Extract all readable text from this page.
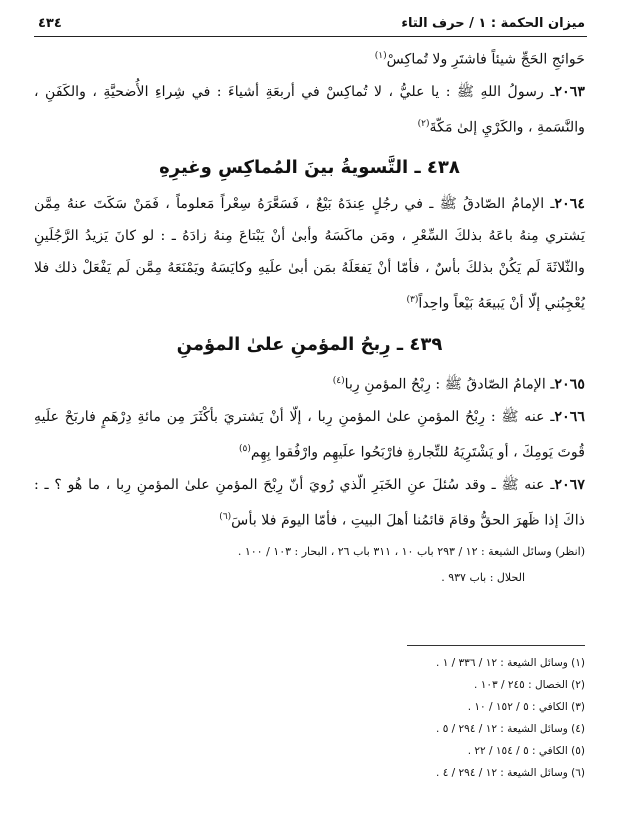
ميزان الحكمة : ١ / حرف التاء
٤٣٤

حَوائجِ الحَجِّ شيئاً فاشتَرِ ولا تُماكِسْ$^{(١)}$

٢٠٦٣ـ رسولُ اللهِ ﷺ : يا عليُّ ، لا تُماكِسْ في أربعَةِ أشياءَ : في شِراءِ الأُضحيَّةِ ، والكَفَنِ ، والنَّسَمةِ ، والكَرْيِ إلىٰ مَكّةَ$^{(٢)}$

٤٣٨ ـ التَّسويةُ بينَ المُماكِسِ وغيرِهِ

٢٠٦٤ـ الإمامُ الصّادقُ ﷺ ـ في رجُلٍ عِندَهُ بَيْعٌ ، فَسَعَّرَهُ سِعْراً مَعلوماً ، فَمَنْ سَكَتَ عنهُ مِمَّن يَشتري مِنهُ باعَهُ بذلكَ السِّعْرِ ، ومَن ماكَسَهُ وأبىٰ أنْ يَبْتاعَ مِنهُ زادَهُ ـ : لو كانَ يَزيدُ الرَّجُلَينِ والثّلاثَةَ لَم يَكُنْ بذلكَ بأسٌ ، فأمّا أنْ يَفعَلَهُ بمَن أبىٰ علَيهِ وكايَسَهُ ويَمْنَعَهُ مِمَّن لَم يَفْعَلْ ذلك فلا يُعْجِبُني إلّا أنْ يَبيعَهُ بَيْعاً واحِداً$^{(٣)}$

٤٣٩ ـ رِبحُ المؤمنِ علىٰ المؤمنِ

٢٠٦٥ـ الإمامُ الصّادقُ ﷺ : رِبْحُ المؤمنِ رِبا$^{(٤)}$

٢٠٦٦ـ عنه ﷺ : رِبْحُ المؤمنِ علىٰ المؤمنِ رِبا ، إلّا أنْ يَشتريَ بأكْثَرَ مِن مائةِ دِرْهَمٍ فاربَحْ علَيهِ قُوتَ يَومِكَ ، أو يَشْتَرِيَهُ للتِّجارةِ فارْبَحُوا علَيهِم وارْفُقوا بِهِم$^{(٥)}$

٢٠٦٧ـ عنه ﷺ ـ وقد سُئلَ عنِ الخَبَرِ الّذي رُويَ أنّ رِبْحَ المؤمنِ علىٰ المؤمنِ رِبا ، ما هُو ؟ ـ : ذاكَ إذا ظَهرَ الحقُّ وقامَ قائمُنا أهلَ البيتِ ، فأمّا اليومَ فلا بأسَ$^{(٦)}$

(انظر) وسائل الشيعة : ١٢ / ٢٩٣ باب ١٠ ، ٣١١ باب ٢٦ ، البحار : ١٠٣ / ١٠٠ .

الحلال : باب ٩٣٧ .

(١) وسائل الشيعة : ١٢ / ٣٣٦ / ١ .
(٢) الخصال : ٢٤٥ / ١٠٣ .
(٣) الكافي : ٥ / ١٥٢ / ١٠ .
(٤) وسائل الشيعة : ١٢ / ٢٩٤ / ٥ .
(٥) الكافي : ٥ / ١٥٤ / ٢٢ .
(٦) وسائل الشيعة : ١٢ / ٢٩٤ / ٤ .
